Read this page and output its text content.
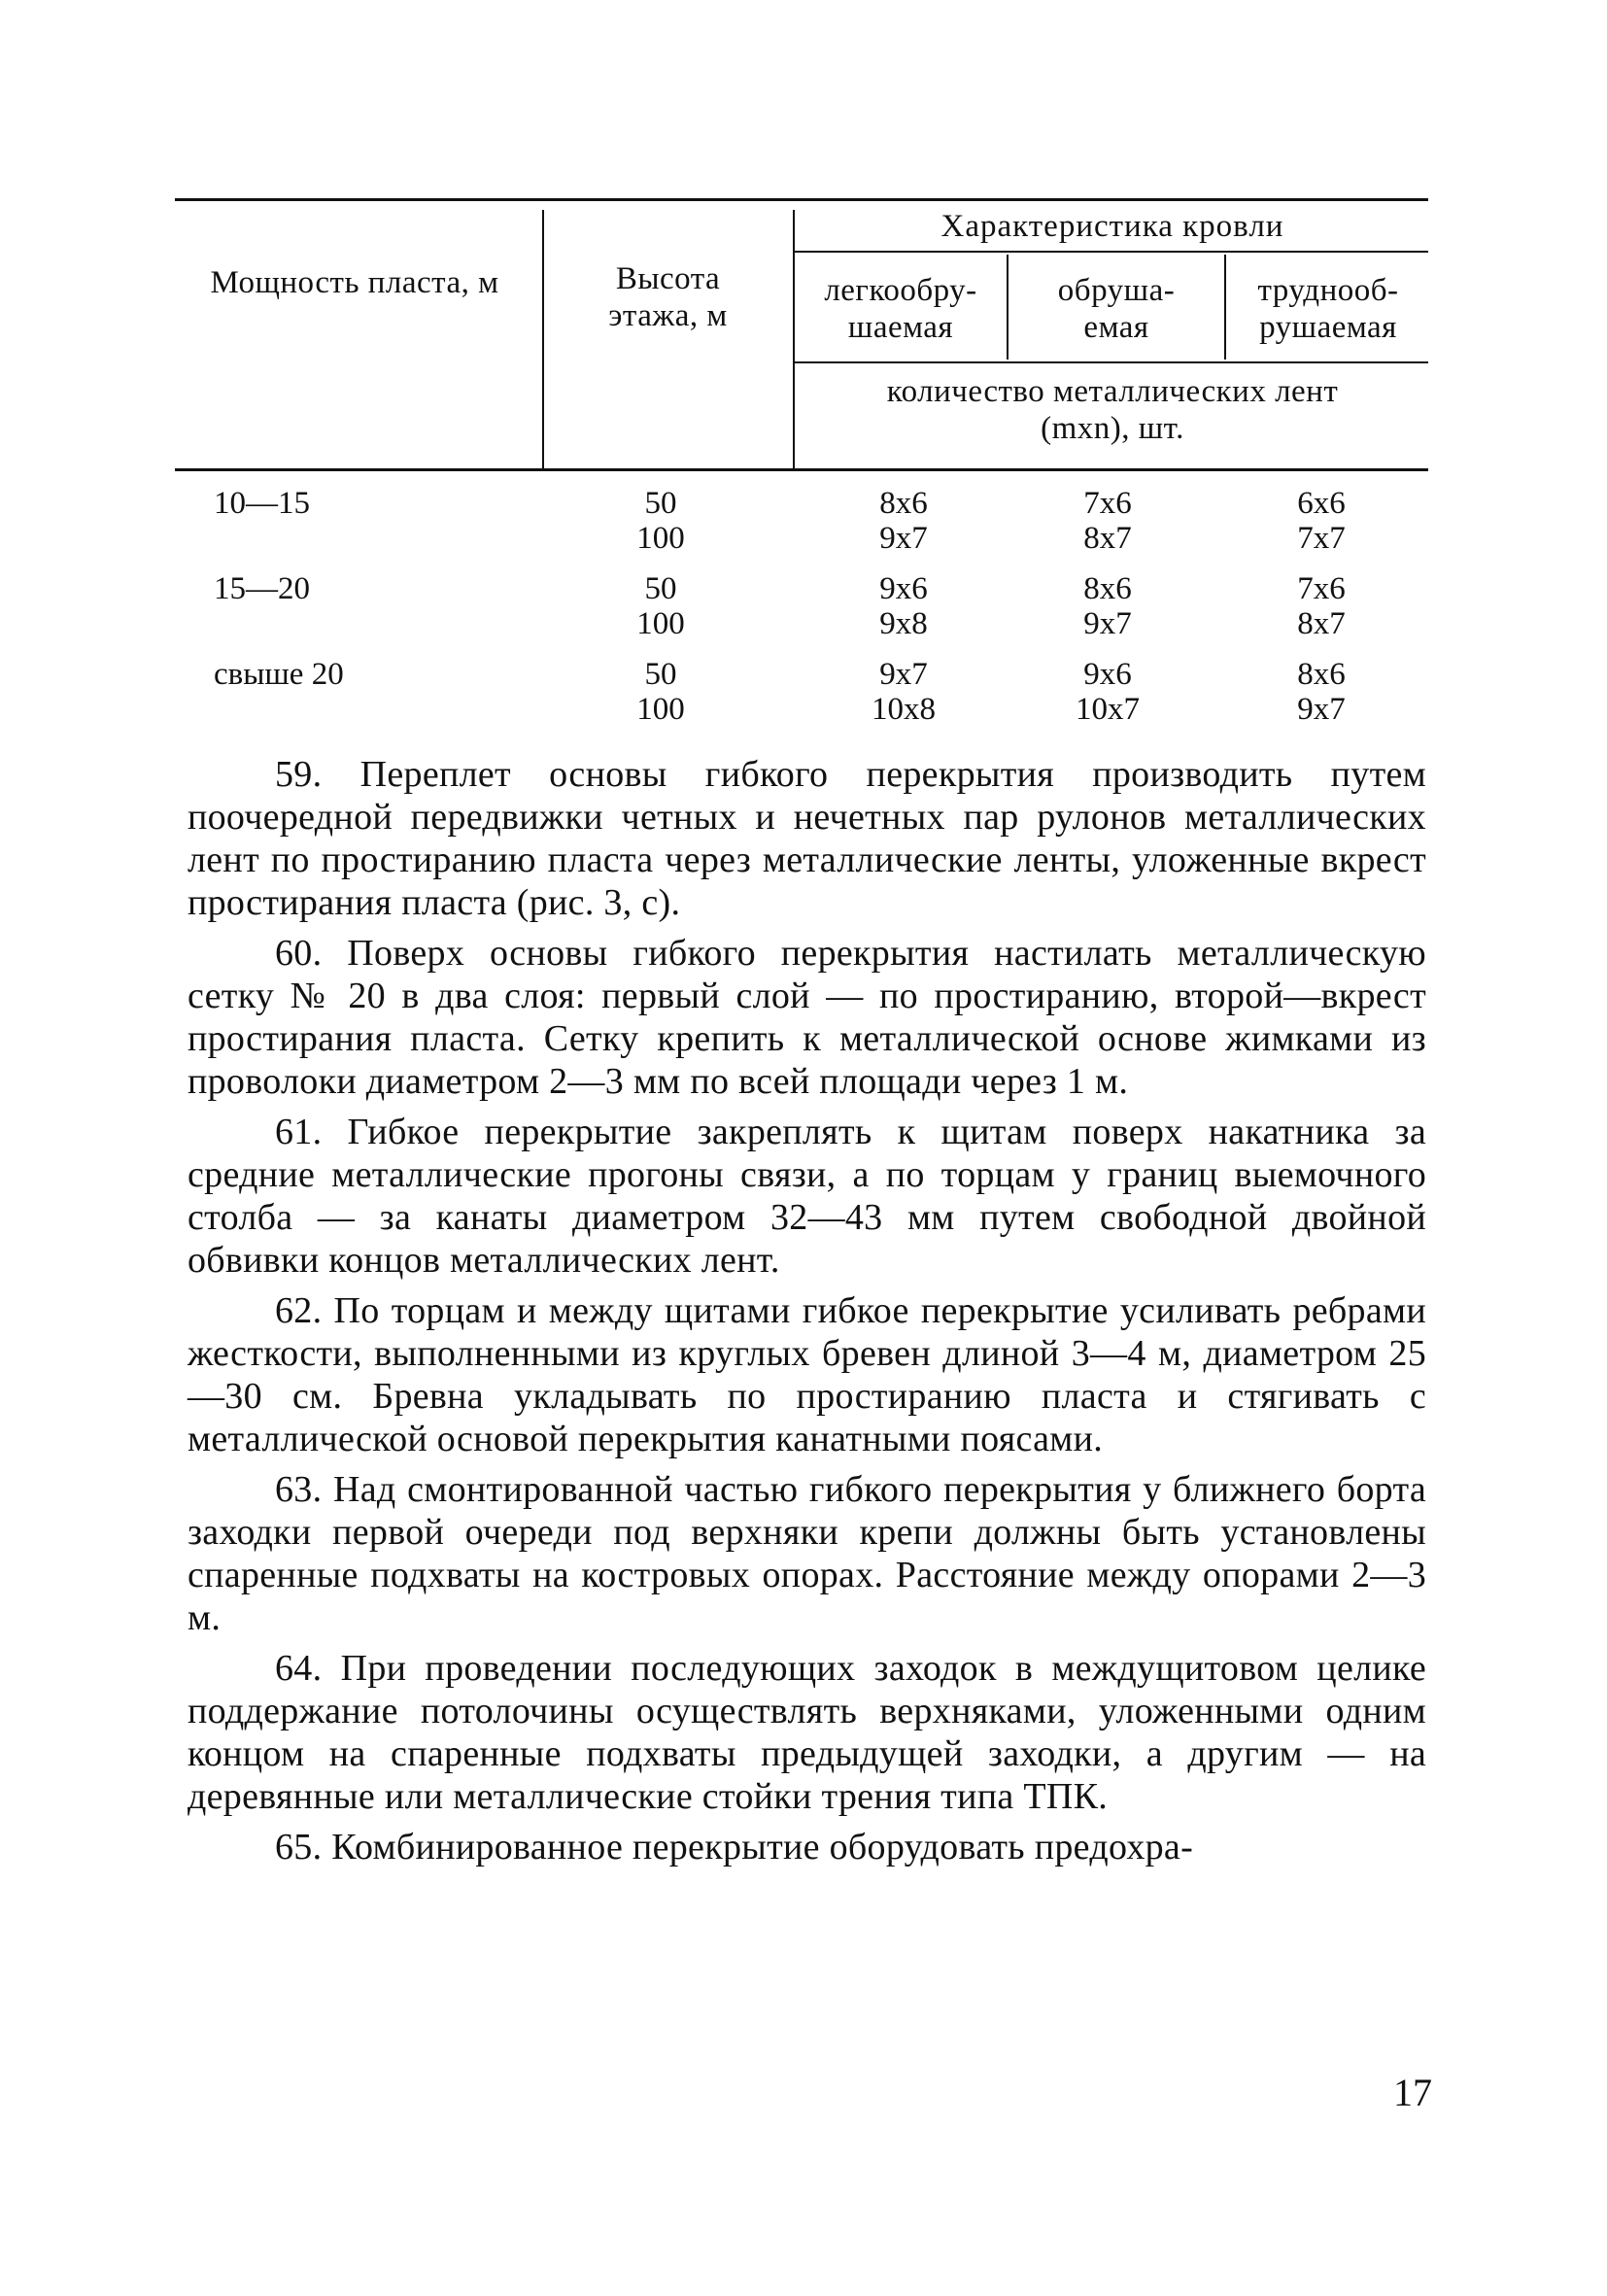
Мощность пласта, м	Высота
этажа, м
Характеристика кровли
легкообру-
шаемая
обруша-
емая
труднооб-
рушаемая
количество металлических лент
(mxn), шт.
10—15
15—20
свыше 20
50
100
50
100
50
100
8x6
9x7
9x6
9x8
9x7
10x8
7x6
8x7
8x6
9x7
9x6
10x7
6x6
7x7
7x6
8x7
8x6
9x7

59. Переплет основы гибкого перекрытия производить путем поочередной передвижки четных и нечетных пар рулонов металлических лент по простиранию пласта через металлические ленты, уложенные вкрест простирания пласта (рис. 3, с).

60. Поверх основы гибкого перекрытия настилать металлическую сетку № 20 в два слоя: первый слой — по простиранию, второй—вкрест простирания пласта. Сетку крепить к металлической основе жимками из проволоки диаметром 2—3 мм по всей площади через 1 м.

61. Гибкое перекрытие закреплять к щитам поверх накатника за средние металлические прогоны связи, а по торцам у границ выемочного столба — за канаты диаметром 32—43 мм путем свободной двойной обвивки концов металлических лент.

62. По торцам и между щитами гибкое перекрытие усиливать ребрами жесткости, выполненными из круглых бревен длиной 3—4 м, диаметром 25—30 см. Бревна укладывать по простиранию пласта и стягивать с металлической основой перекрытия канатными поясами.

63. Над смонтированной частью гибкого перекрытия у ближнего борта заходки первой очереди под верхняки крепи должны быть установлены спаренные подхваты на костровых опорах. Расстояние между опорами 2—3 м.

64. При проведении последующих заходок в междущитовом целике поддержание потолочины осуществлять верхняками, уложенными одним концом на спаренные подхваты предыдущей заходки, а другим — на деревянные или металлические стойки трения типа ТПК.

65. Комбинированное перекрытие оборудовать предохра-

17
